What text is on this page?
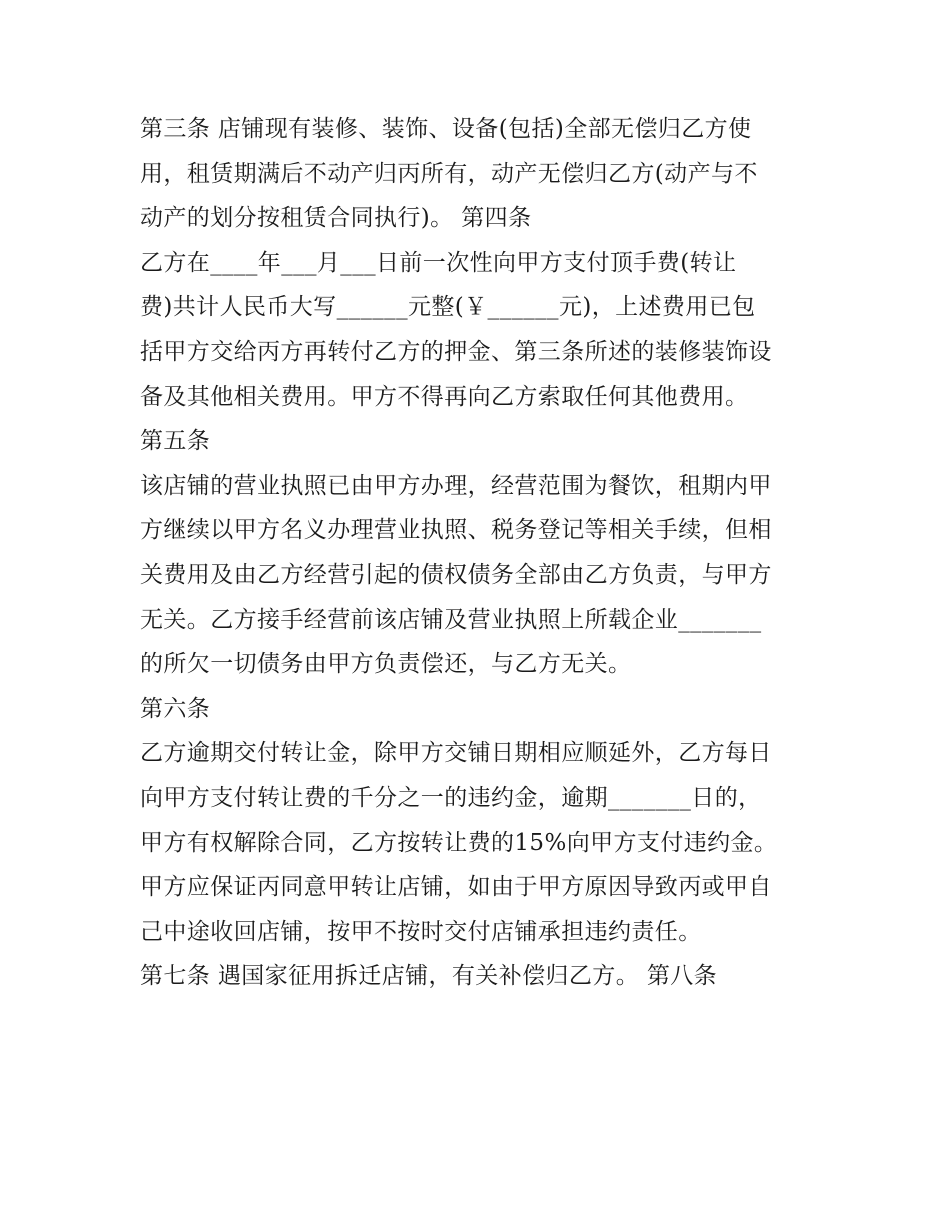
第三条 店铺现有装修、装饰、设备(包括)全部无偿归乙方使
用，租赁期满后不动产归丙所有，动产无偿归乙方(动产与不
动产的划分按租赁合同执行)。 第四条
乙方在____年___月___日前一次性向甲方支付顶手费(转让
费)共计人民币大写______元整(￥______元)，上述费用已包
括甲方交给丙方再转付乙方的押金、第三条所述的装修装饰设
备及其他相关费用。甲方不得再向乙方索取任何其他费用。
第五条
该店铺的营业执照已由甲方办理，经营范围为餐饮，租期内甲
方继续以甲方名义办理营业执照、税务登记等相关手续，但相
关费用及由乙方经营引起的债权债务全部由乙方负责，与甲方
无关。乙方接手经营前该店铺及营业执照上所载企业_______
的所欠一切债务由甲方负责偿还，与乙方无关。
第六条
乙方逾期交付转让金，除甲方交铺日期相应顺延外，乙方每日
向甲方支付转让费的千分之一的违约金，逾期_______日的，
甲方有权解除合同，乙方按转让费的15%向甲方支付违约金。
甲方应保证丙同意甲转让店铺，如由于甲方原因导致丙或甲自
己中途收回店铺，按甲不按时交付店铺承担违约责任。
第七条 遇国家征用拆迁店铺，有关补偿归乙方。 第八条
